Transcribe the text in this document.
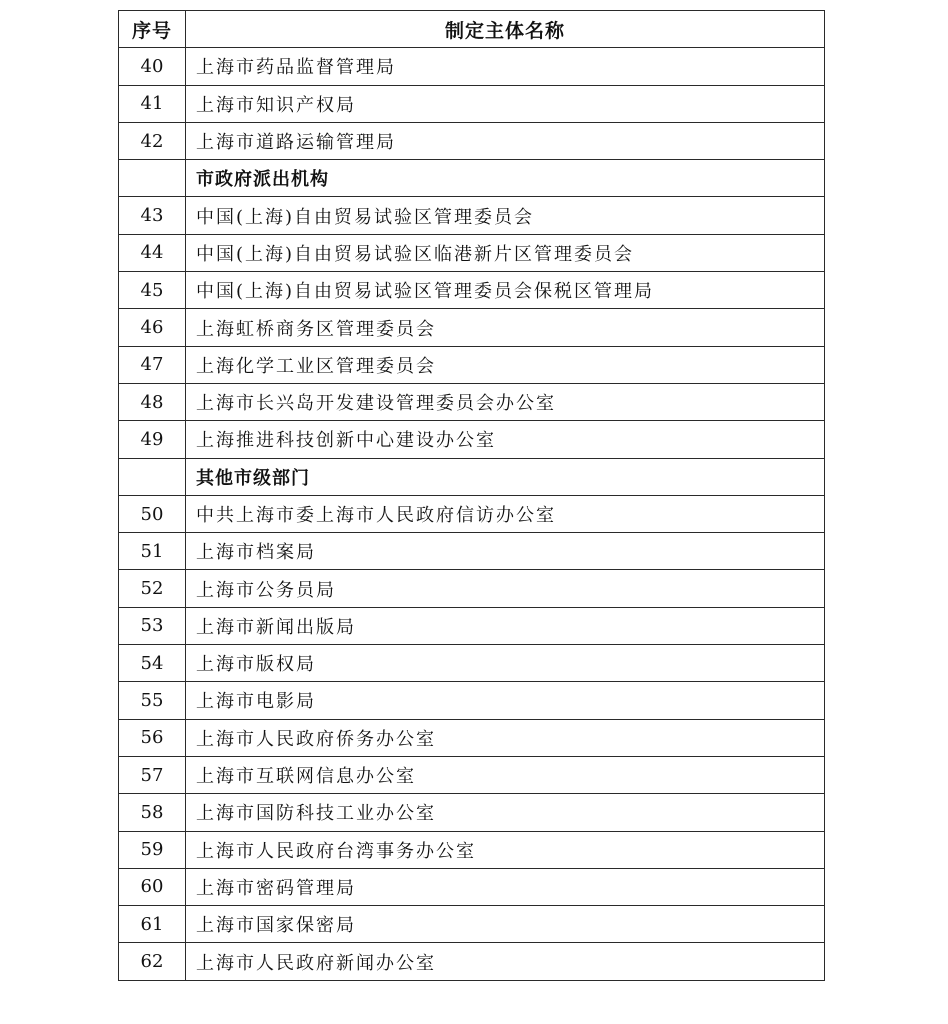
序号	制定主体名称
40	上海市药品监督管理局
41	上海市知识产权局
42	上海市道路运输管理局
	市政府派出机构
43	中国(上海)自由贸易试验区管理委员会
44	中国(上海)自由贸易试验区临港新片区管理委员会
45	中国(上海)自由贸易试验区管理委员会保税区管理局
46	上海虹桥商务区管理委员会
47	上海化学工业区管理委员会
48	上海市长兴岛开发建设管理委员会办公室
49	上海推进科技创新中心建设办公室
	其他市级部门
50	中共上海市委上海市人民政府信访办公室
51	上海市档案局
52	上海市公务员局
53	上海市新闻出版局
54	上海市版权局
55	上海市电影局
56	上海市人民政府侨务办公室
57	上海市互联网信息办公室
58	上海市国防科技工业办公室
59	上海市人民政府台湾事务办公室
60	上海市密码管理局
61	上海市国家保密局
62	上海市人民政府新闻办公室
